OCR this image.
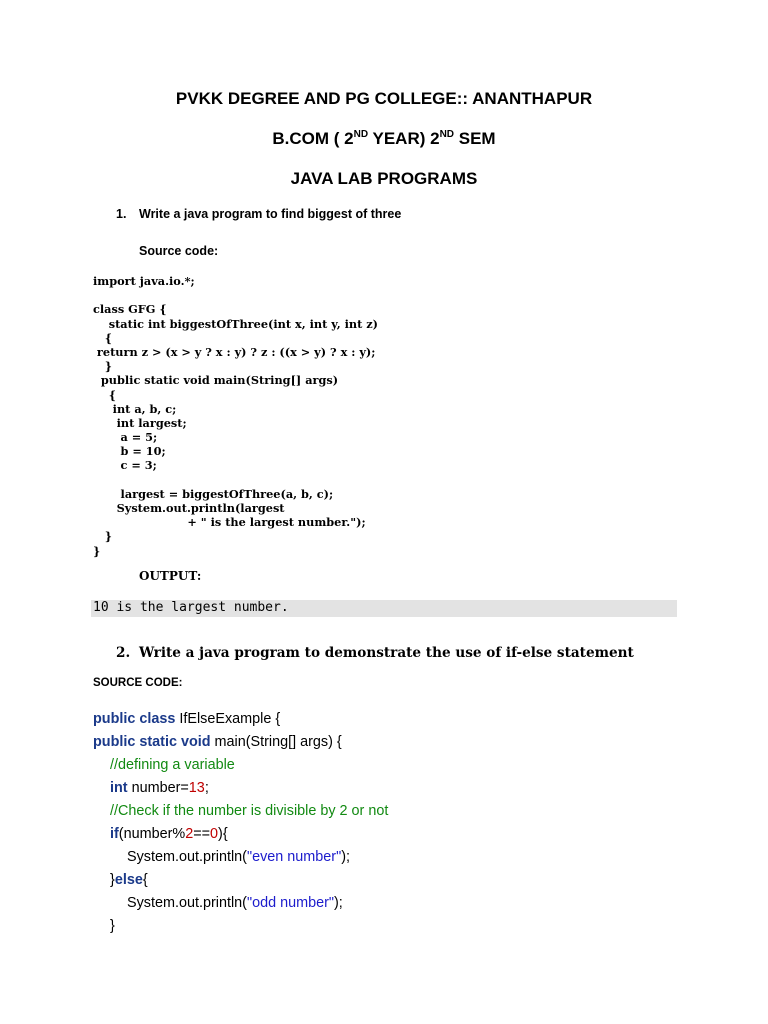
PVKK DEGREE AND PG COLLEGE:: ANANTHAPUR
B.COM ( 2ND YEAR) 2ND SEM
JAVA LAB PROGRAMS
1. Write a java program to find biggest of three
Source code:
import java.io.*;
class GFG {
static int biggestOfThree(int x, int y, int z)
{
return z > (x > y ? x : y) ? z : ((x > y) ? x : y);
}
public static void main(String[] args)
{
int a, b, c;
int largest;
a = 5;
b = 10;
c = 3;
largest = biggestOfThree(a, b, c);
System.out.println(largest
+ " is the largest number.");
}
}
OUTPUT:
10 is the largest number.
2. Write a java program to demonstrate the use of if-else statement
SOURCE CODE:
public class IfElseExample {
public static void main(String[] args) {
//defining a variable
int number=13;
//Check if the number is divisible by 2 or not
if(number%2==0){
System.out.println("even number");
}else{
System.out.println("odd number");
}
